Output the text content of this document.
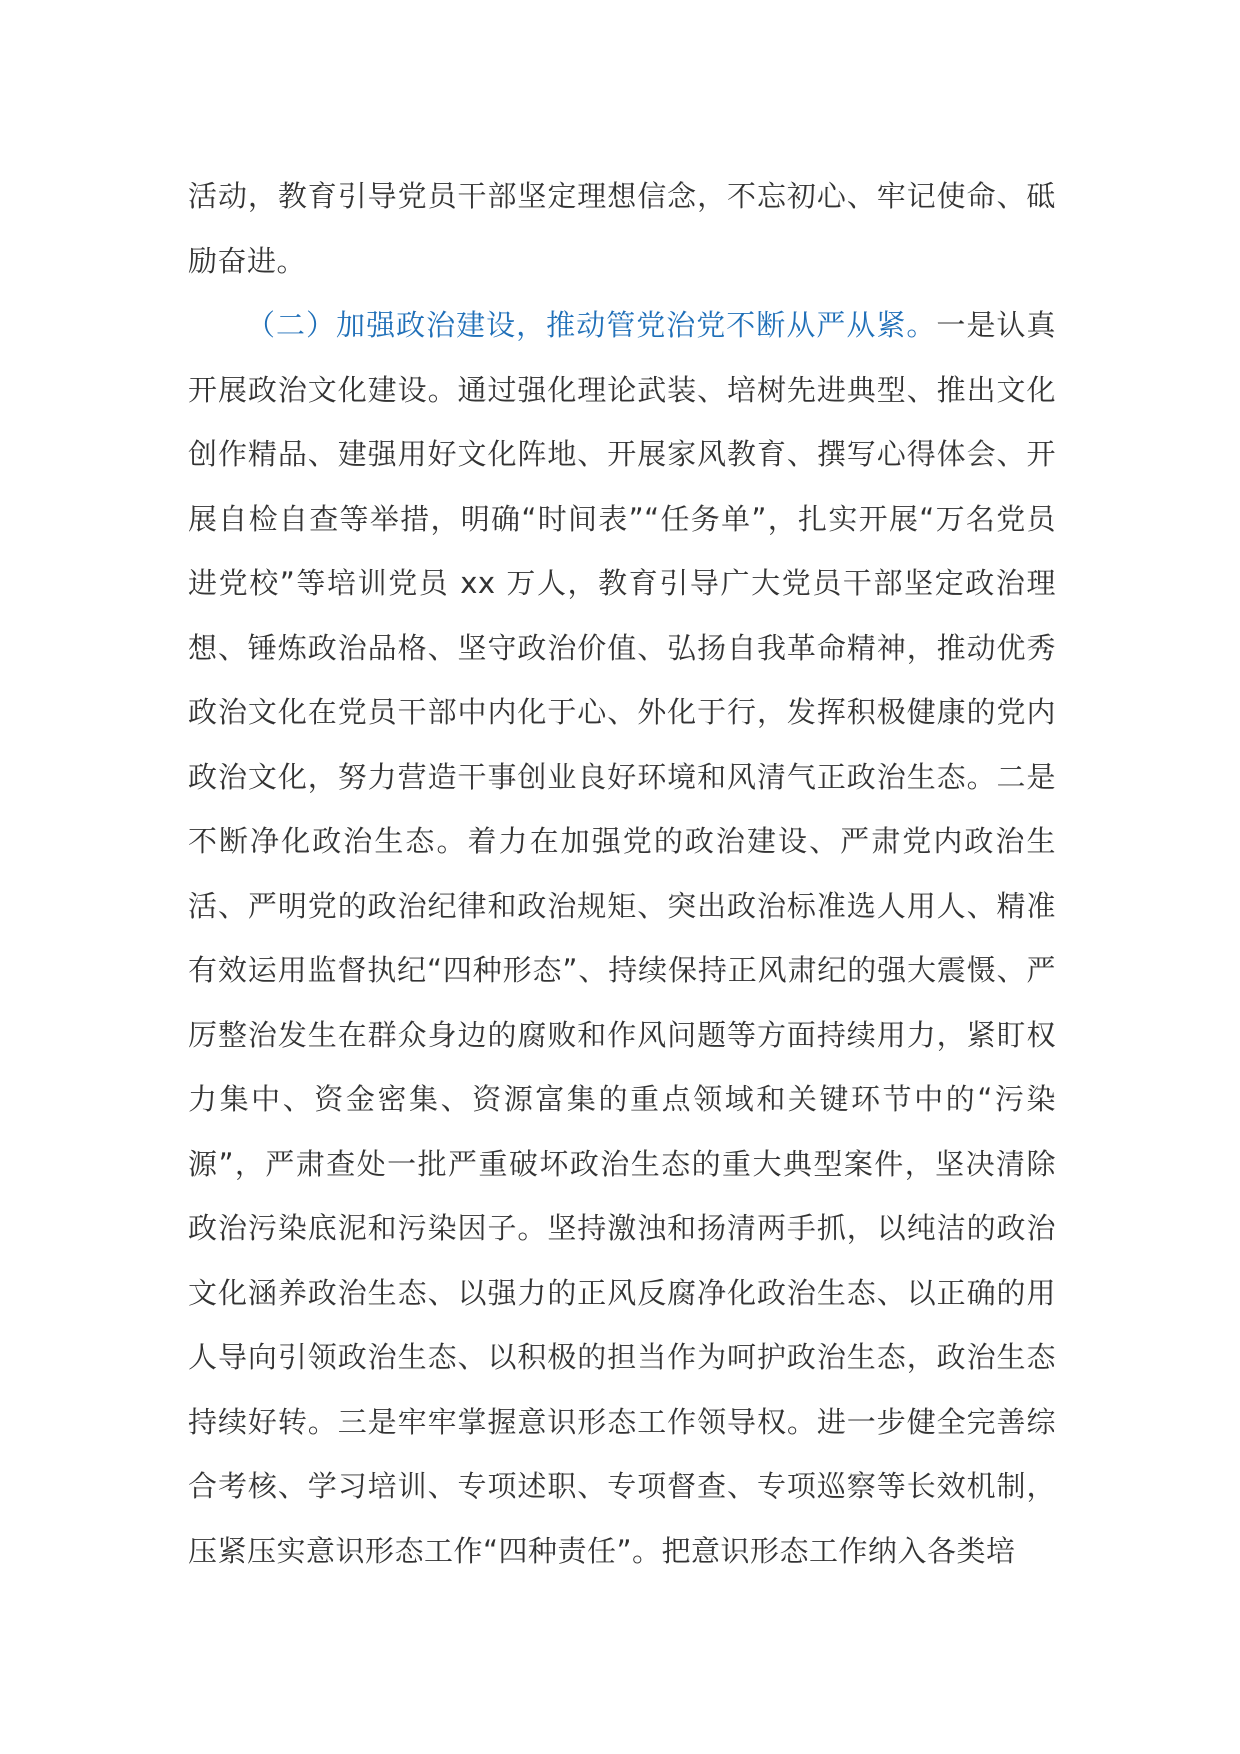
活动，教育引导党员干部坚定理想信念，不忘初心、牢记使命、砥励奋进。

（二）加强政治建设，推动管党治党不断从严从紧。一是认真开展政治文化建设。通过强化理论武装、培树先进典型、推出文化创作精品、建强用好文化阵地、开展家风教育、撰写心得体会、开展自检自查等举措，明确“时间表”“任务单”，扎实开展“万名党员进党校”等培训党员 xx 万人，教育引导广大党员干部坚定政治理想、锤炼政治品格、坚守政治价值、弘扬自我革命精神，推动优秀政治文化在党员干部中内化于心、外化于行，发挥积极健康的党内政治文化，努力营造干事创业良好环境和风清气正政治生态。二是不断净化政治生态。着力在加强党的政治建设、严肃党内政治生活、严明党的政治纪律和政治规矩、突出政治标准选人用人、精准有效运用监督执纪“四种形态”、持续保持正风肃纪的强大震慑、严厉整治发生在群众身边的腐败和作风问题等方面持续用力，紧盯权力集中、资金密集、资源富集的重点领域和关键环节中的“污染源”，严肃查处一批严重破坏政治生态的重大典型案件，坚决清除政治污染底泥和污染因子。坚持激浊和扬清两手抓，以纯洁的政治文化涵养政治生态、以强力的正风反腐净化政治生态、以正确的用人导向引领政治生态、以积极的担当作为呵护政治生态，政治生态持续好转。三是牢牢掌握意识形态工作领导权。进一步健全完善综合考核、学习培训、专项述职、专项督查、专项巡察等长效机制，压紧压实意识形态工作“四种责任”。把意识形态工作纳入各类培
